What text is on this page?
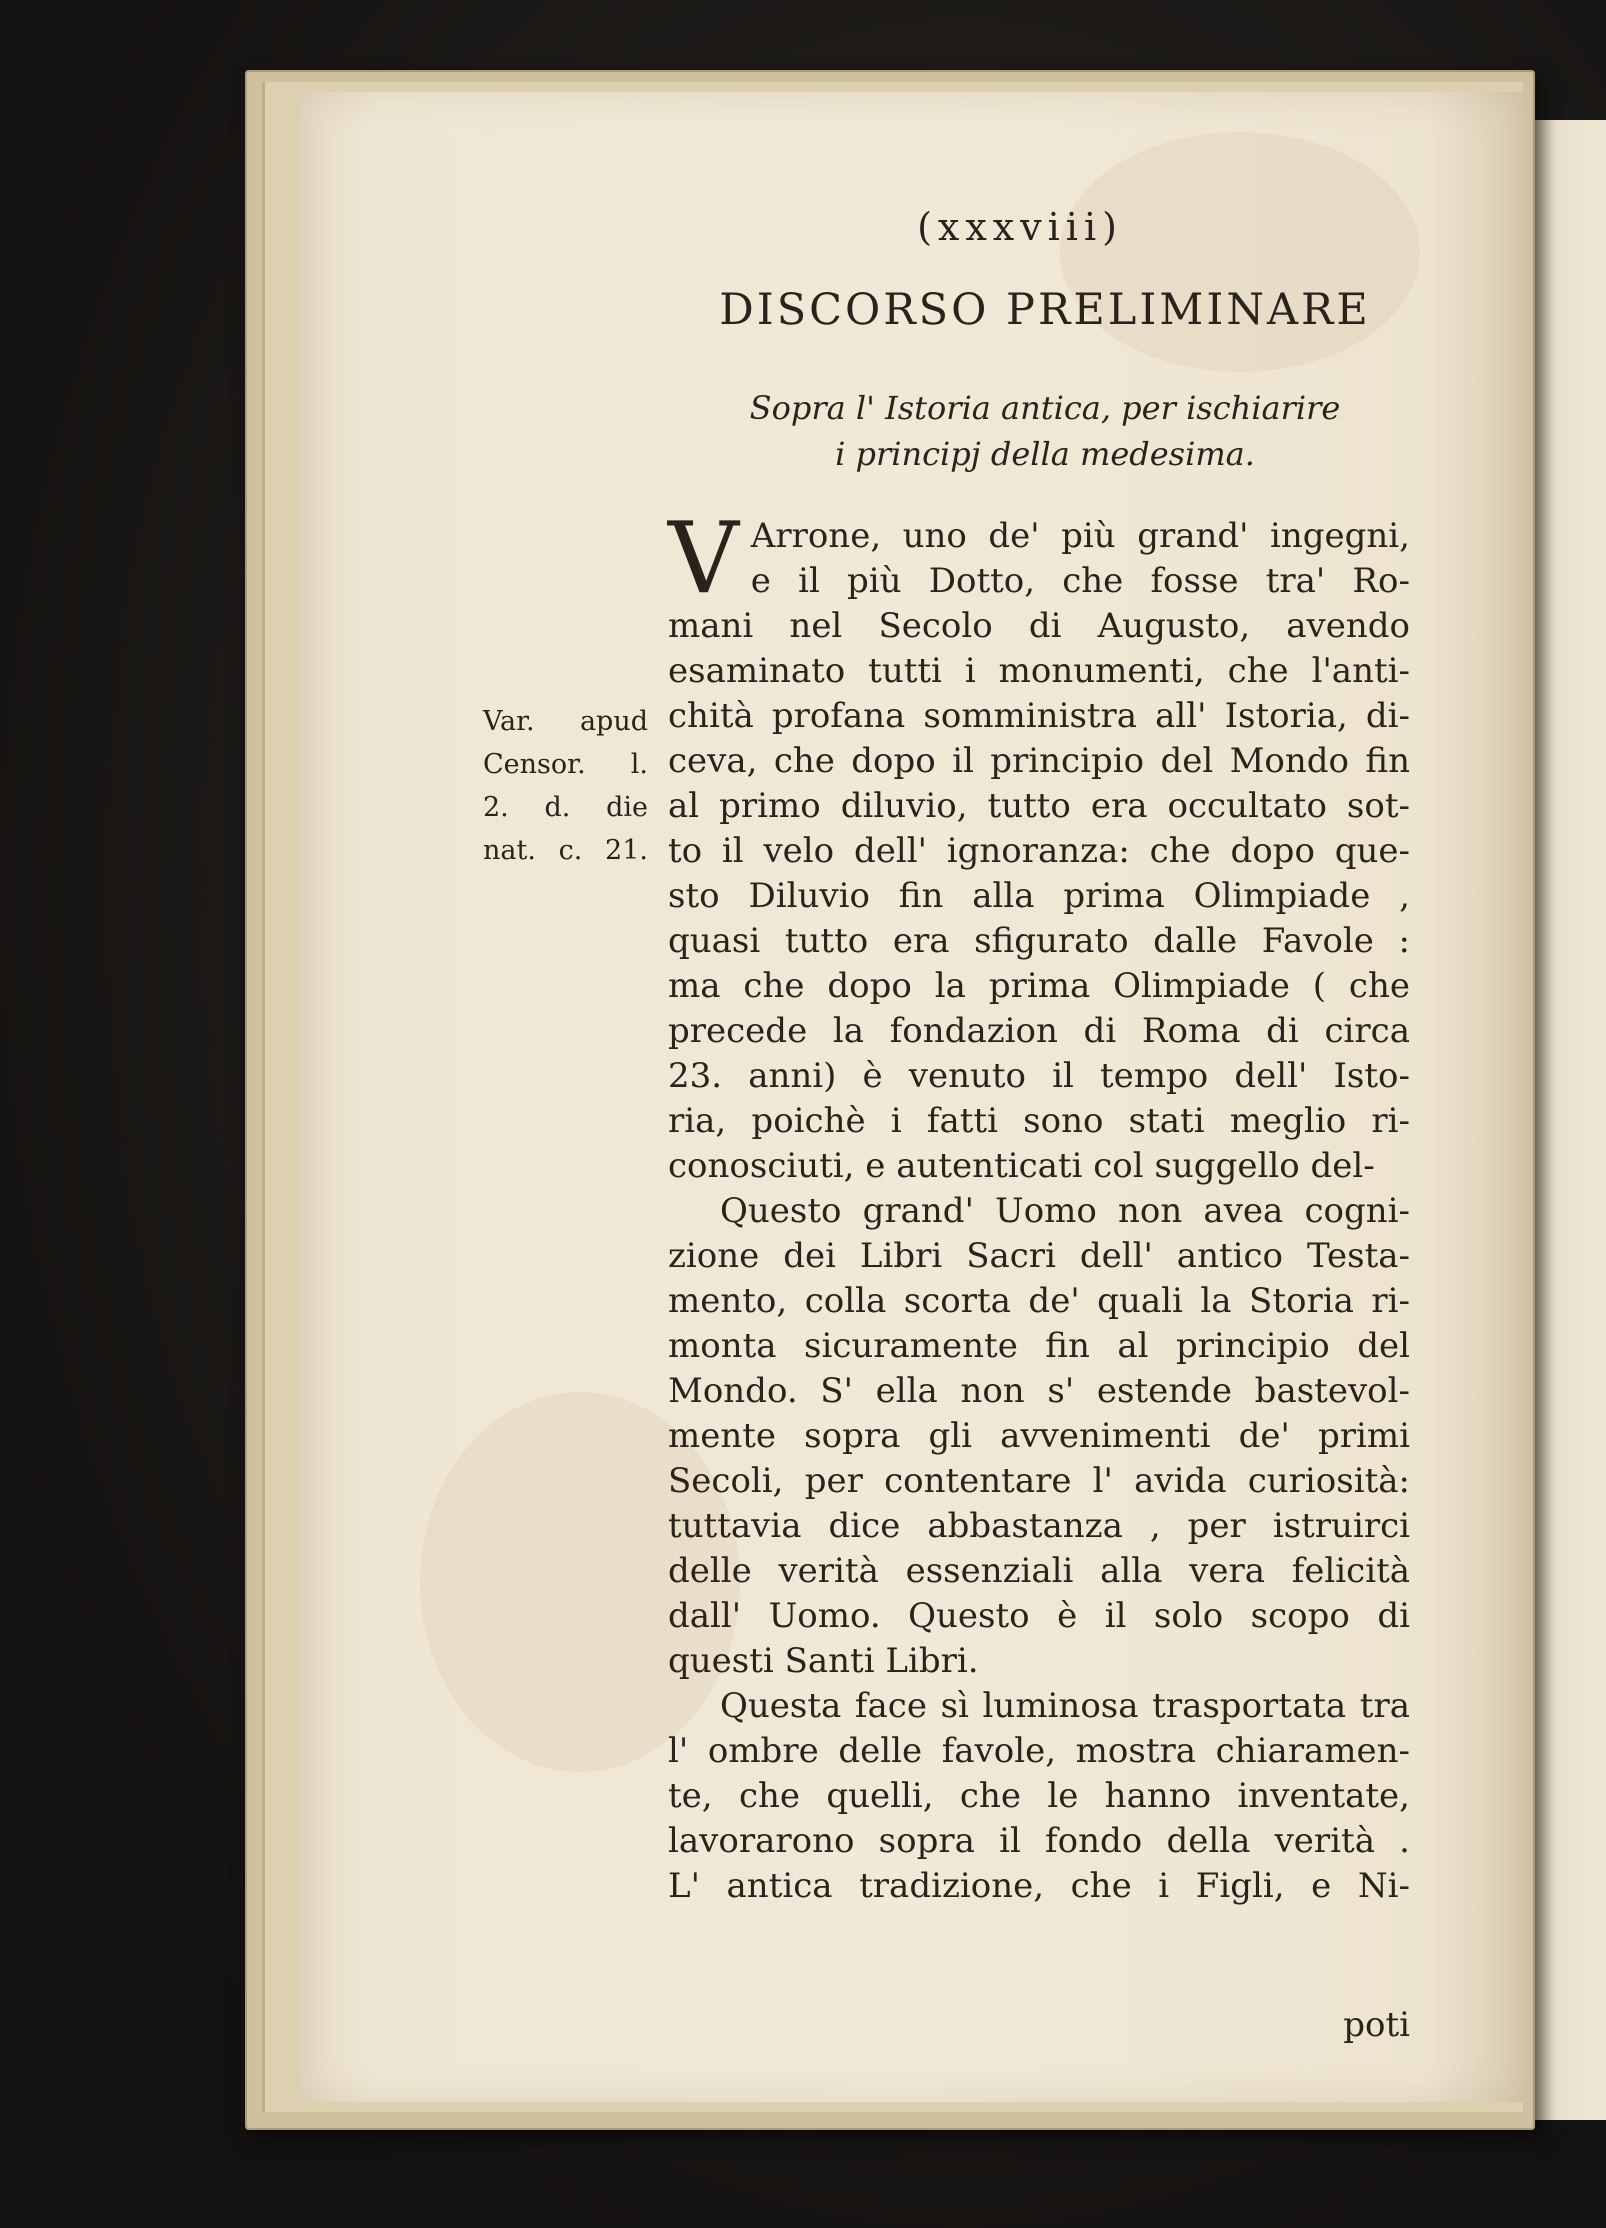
(xxxviii)
DISCORSO PRELIMINARE
Sopra l' Istoria antica, per ischiarire
i principj della medesima.
Var. apud
Censor. l.
2. d. die
nat. c. 21.

V Arrone, uno de' più grand' ingegni,
e il più Dotto, che fosse tra' Ro-
mani nel Secolo di Augusto, avendo
esaminato tutti i monumenti, che l'anti-
chità profana somministra all' Istoria, di-
ceva, che dopo il principio del Mondo fin
al primo diluvio, tutto era occultato sot-
to il velo dell' ignoranza: che dopo que-
sto Diluvio fin alla prima Olimpiade ,
quasi tutto era sfigurato dalle Favole :
ma che dopo la prima Olimpiade ( che
precede la fondazion di Roma di circa
23. anni) è venuto il tempo dell' Isto-
ria, poichè i fatti sono stati meglio ri-
conosciuti, e autenticati col suggello del-

Questo grand' Uomo non avea cogni-
zione dei Libri Sacri dell' antico Testa-
mento, colla scorta de' quali la Storia ri-
monta sicuramente fin al principio del
Mondo. S' ella non s' estende bastevol-
mente sopra gli avvenimenti de' primi
Secoli, per contentare l' avida curiosità:
tuttavia dice abbastanza , per istruirci
delle verità essenziali alla vera felicità
dall' Uomo. Questo è il solo scopo di
questi Santi Libri.

Questa face sì luminosa trasportata tra
l' ombre delle favole, mostra chiaramen-
te, che quelli, che le hanno inventate,
lavorarono sopra il fondo della verità .
L' antica tradizione, che i Figli, e Ni-

poti
